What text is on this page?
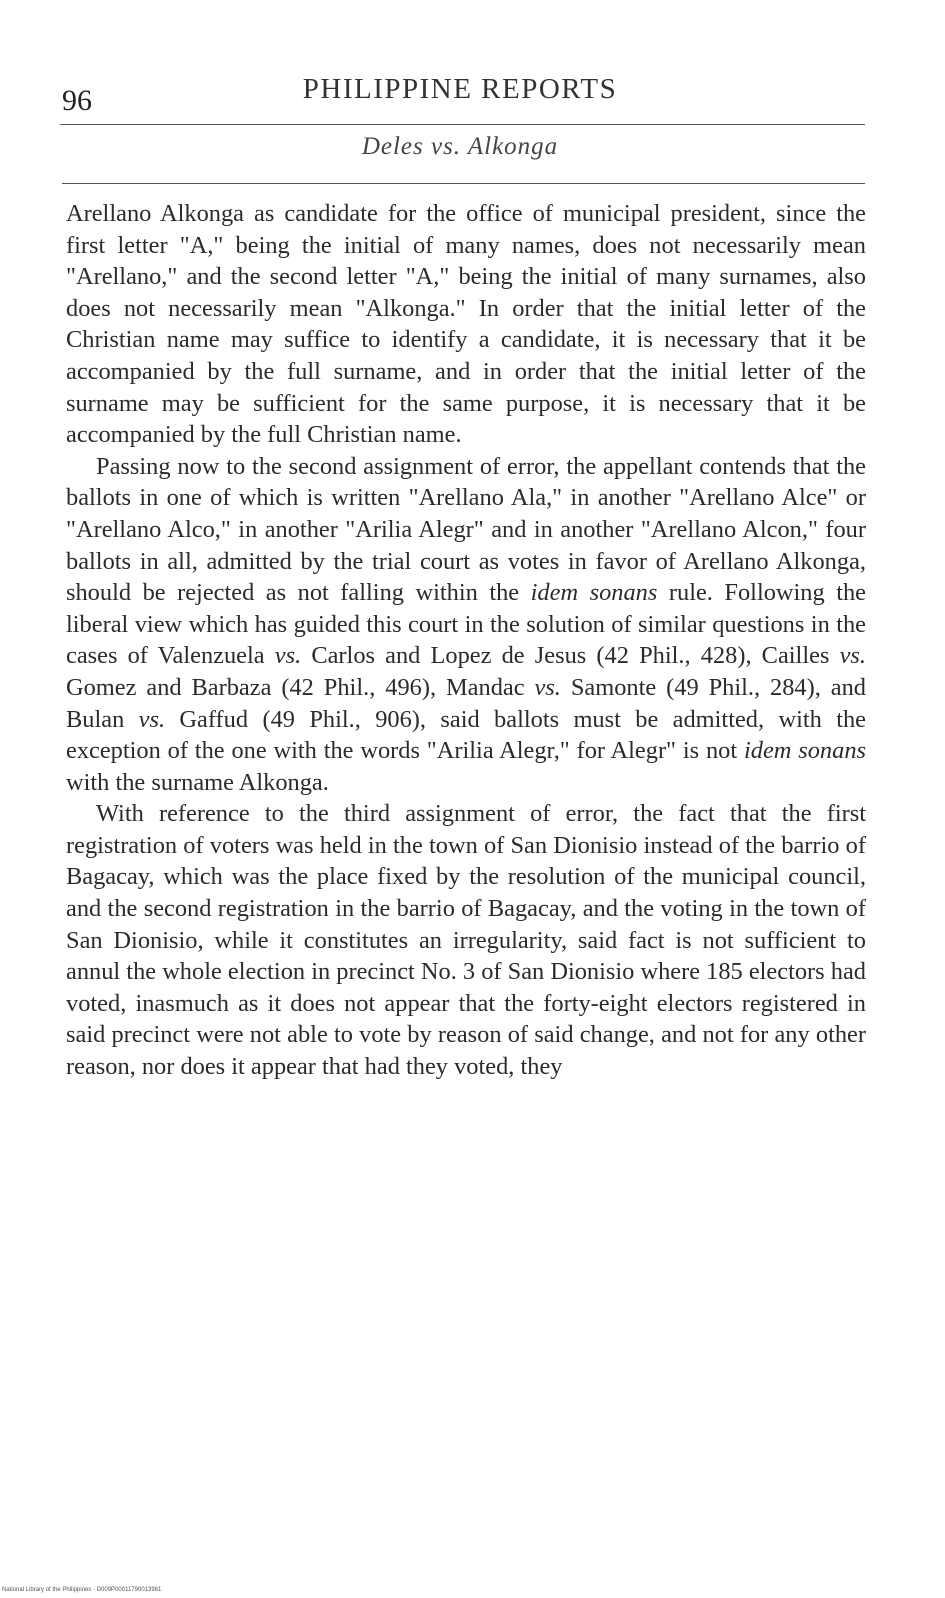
96	PHILIPPINE REPORTS
Deles vs. Alkonga

Arellano Alkonga as candidate for the office of municipal president, since the first letter "A," being the initial of many names, does not necessarily mean "Arellano," and the second letter "A," being the initial of many surnames, also does not necessarily mean "Alkonga." In order that the initial letter of the Christian name may suffice to identify a candidate, it is necessary that it be accompanied by the full surname, and in order that the initial letter of the surname may be sufficient for the same purpose, it is necessary that it be accompanied by the full Christian name.

Passing now to the second assignment of error, the appellant contends that the ballots in one of which is written "Arellano Ala," in another "Arellano Alce" or "Arellano Alco," in another "Arilia Alegr" and in another "Arellano Alcon," four ballots in all, admitted by the trial court as votes in favor of Arellano Alkonga, should be rejected as not falling within the idem sonans rule. Following the liberal view which has guided this court in the solution of similar questions in the cases of Valenzuela vs. Carlos and Lopez de Jesus (42 Phil., 428), Cailles vs. Gomez and Barbaza (42 Phil., 496), Mandac vs. Samonte (49 Phil., 284), and Bulan vs. Gaffud (49 Phil., 906), said ballots must be admitted, with the exception of the one with the words "Arilia Alegr," for Alegr" is not idem sonans with the surname Alkonga.

With reference to the third assignment of error, the fact that the first registration of voters was held in the town of San Dionisio instead of the barrio of Bagacay, which was the place fixed by the resolution of the municipal council, and the second registration in the barrio of Bagacay, and the voting in the town of San Dionisio, while it constitutes an irregularity, said fact is not sufficient to annul the whole election in precinct No. 3 of San Dionisio where 185 electors had voted, inasmuch as it does not appear that the forty-eight electors registered in said precinct were not able to vote by reason of said change, and not for any other reason, nor does it appear that had they voted, they

National Library of the Philippines · D009P00011790013981
